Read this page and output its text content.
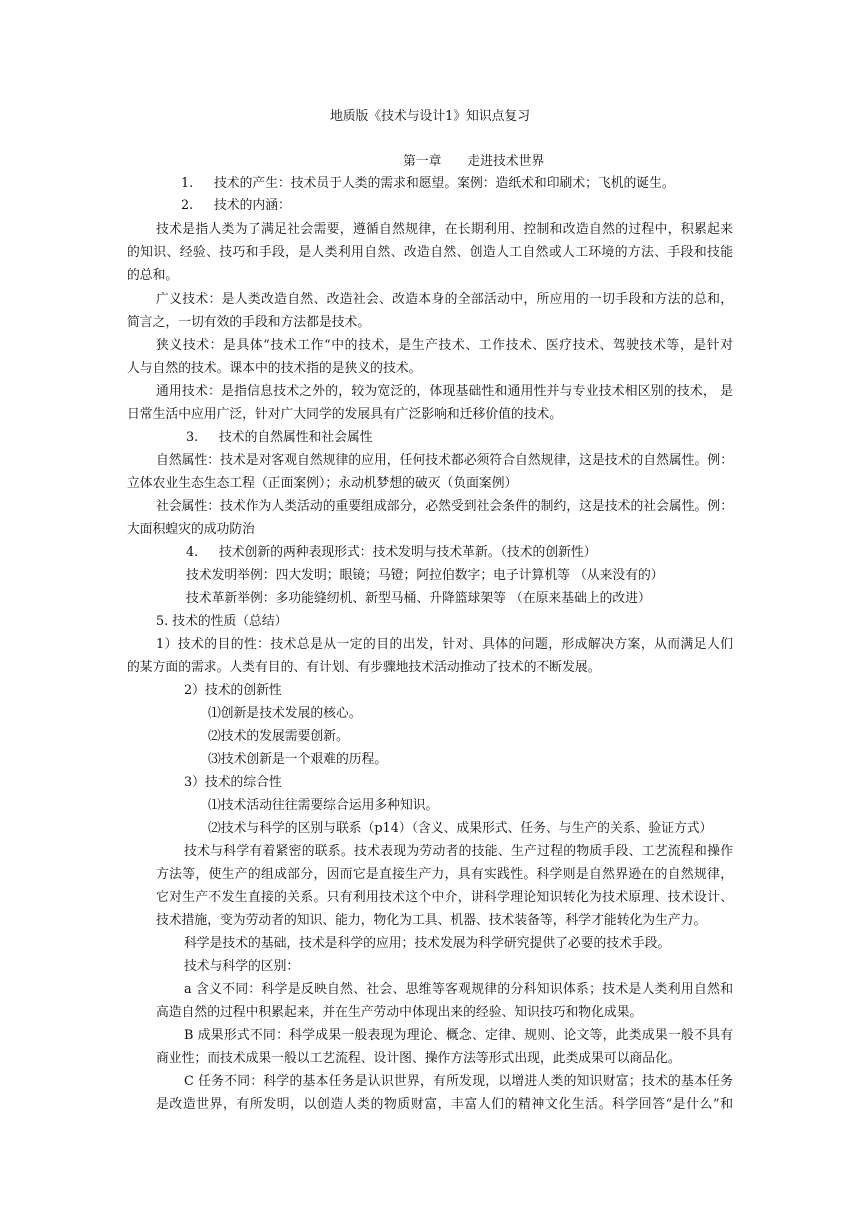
地质版《技术与设计1》知识点复习
第一章 走进技术世界
1. 技术的产生：技术员于人类的需求和愿望。案例：造纸术和印刷术；飞机的诞生。
2. 技术的内涵：
技术是指人类为了满足社会需要，遵循自然规律，在长期利用、控制和改造自然的过程中，积累起来
的知识、经验、技巧和手段，是人类利用自然、改造自然、创造人工自然或人工环境的方法、手段和技能
的总和。
广义技术：是人类改造自然、改造社会、改造本身的全部活动中，所应用的一切手段和方法的总和，
简言之，一切有效的手段和方法都是技术。
狭义技术：是具体“技术工作“中的技术，是生产技术、工作技术、医疗技术、驾驶技术等，是针对
人与自然的技术。课本中的技术指的是狭义的技术。
通用技术：是指信息技术之外的，较为宽泛的，体现基础性和通用性并与专业技术相区别的技术， 是
日常生活中应用广泛，针对广大同学的发展具有广泛影响和迁移价值的技术。
3. 技术的自然属性和社会属性
自然属性：技术是对客观自然规律的应用，任何技术都必须符合自然规律，这是技术的自然属性。例：
立体农业生态生态工程（正面案例）；永动机梦想的破灭（负面案例）
社会属性：技术作为人类活动的重要组成部分，必然受到社会条件的制约，这是技术的社会属性。例：
大面积蝗灾的成功防治
4. 技术创新的两种表现形式：技术发明与技术革新。（技术的创新性）
技术发明举例：四大发明；眼镜；马镫；阿拉伯数字；电子计算机等 （从来没有的）
技术革新举例：多功能缝纫机、新型马桶、升降篮球架等 （在原来基础上的改进）
5. 技术的性质（总结）
1）技术的目的性：技术总是从一定的目的出发，针对、具体的问题，形成解决方案，从而满足人们
的某方面的需求。人类有目的、有计划、有步骤地技术活动推动了技术的不断发展。
2）技术的创新性
⑴创新是技术发展的核心。
⑵技术的发展需要创新。
⑶技术创新是一个艰难的历程。
3）技术的综合性
⑴技术活动往往需要综合运用多种知识。
⑵技术与科学的区别与联系（p14）（含义、成果形式、任务、与生产的关系、验证方式）
技术与科学有着紧密的联系。技术表现为劳动者的技能、生产过程的物质手段、工艺流程和操作
方法等，使生产的组成部分，因而它是直接生产力，具有实践性。科学则是自然界逊在的自然规律，
它对生产不发生直接的关系。只有利用技术这个中介，讲科学理论知识转化为技术原理、技术设计、
技术措施，变为劳动者的知识、能力，物化为工具、机器、技术装备等，科学才能转化为生产力。
科学是技术的基础，技术是科学的应用；技术发展为科学研究提供了必要的技术手段。
技术与科学的区别：
a 含义不同：科学是反映自然、社会、思维等客观规律的分科知识体系；技术是人类利用自然和
高造自然的过程中积累起来，并在生产劳动中体现出来的经验、知识技巧和物化成果。
B 成果形式不同：科学成果一般表现为理论、概念、定律、规则、论文等，此类成果一般不具有
商业性；而技术成果一般以工艺流程、设计图、操作方法等形式出现，此类成果可以商品化。
C 任务不同：科学的基本任务是认识世界，有所发现，以增进人类的知识财富；技术的基本任务
是改造世界，有所发明，以创造人类的物质财富，丰富人们的精神文化生活。科学回答“是什么”和
